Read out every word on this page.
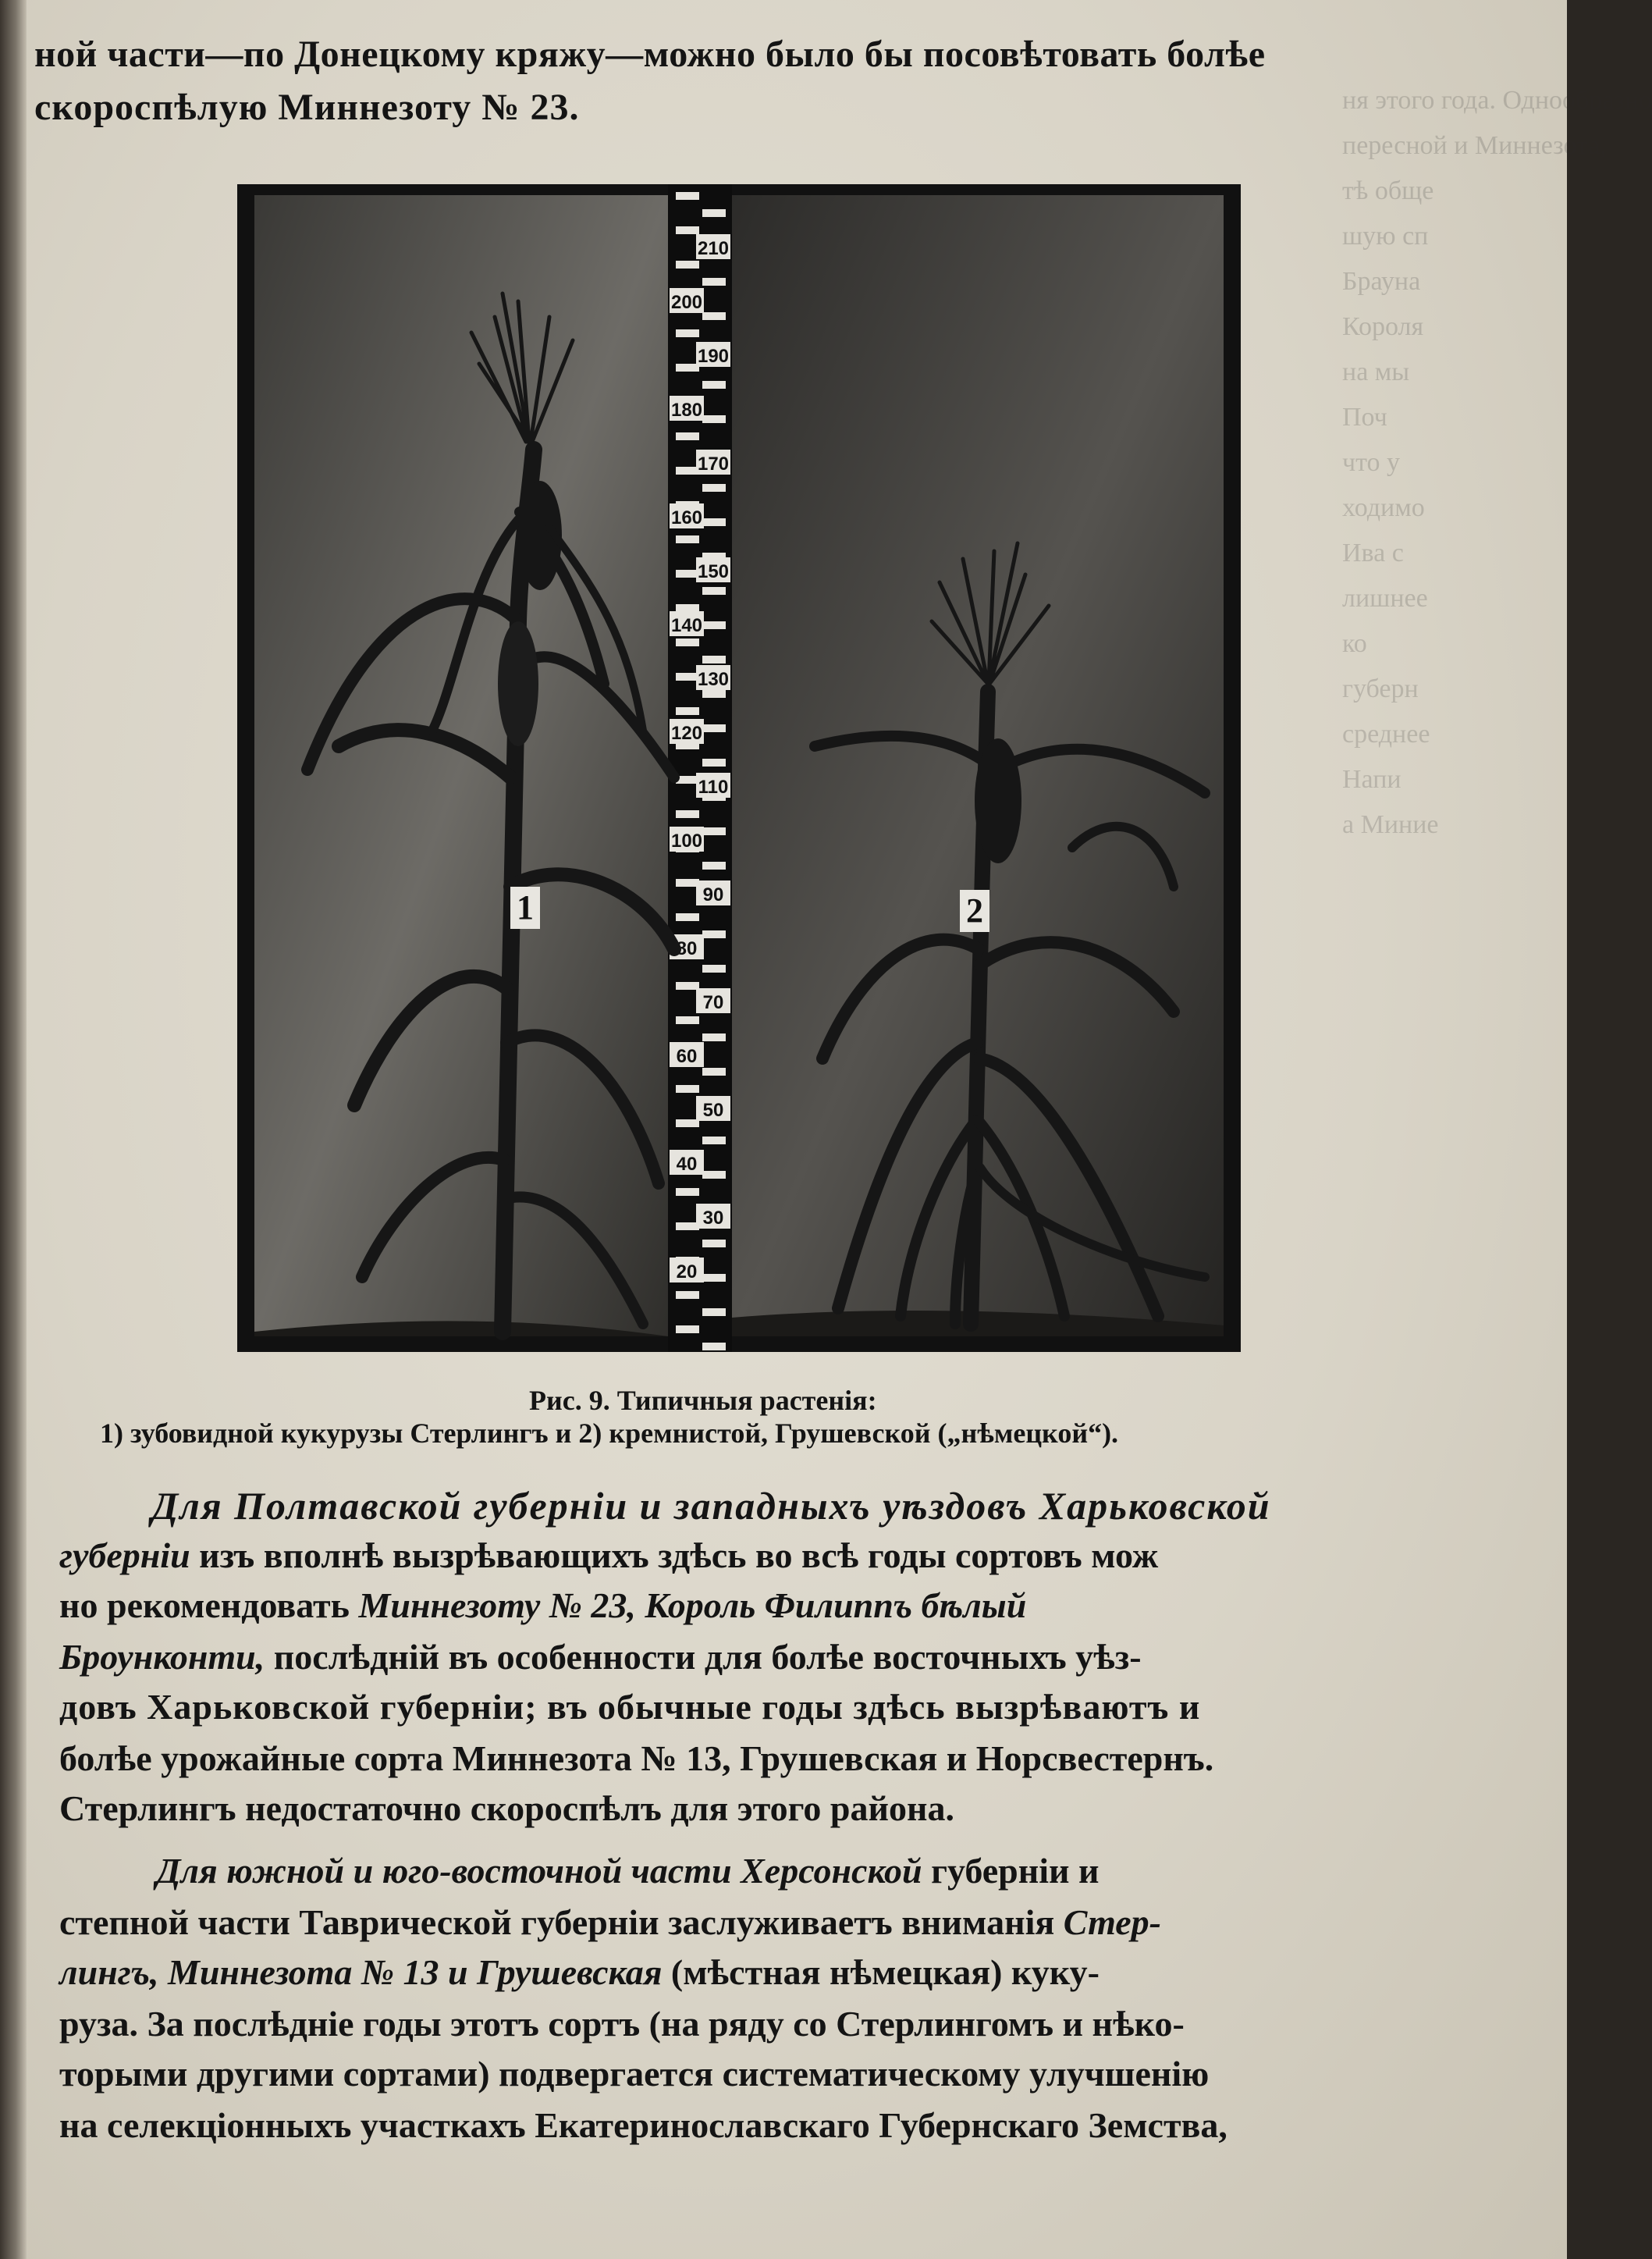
ня этого года. Однообразно
пересной и Миннезота,
тѣ обще
шую сп
Брауна
Короля
на мы
Поч
что у
ходимо
Ива с
лишнее
ко
губерн
среднее
Напи
а Миние
ной части—по Донецкому кряжу—можно было бы посовѣтовать болѣе
скороспѣлую Миннезоту № 23.
210
200
190
180
170
160
150
140
130
120
110
100
90
80
70
60
50
40
30
20
1	2
Рис. 9. Типичныя растенія:
1) зубовидной кукурузы Стерлингъ и 2) кремнистой, Грушевской („нѣмецкой“).
Для Полтавской губерніи и западныхъ уѣздовъ Харьковской
губерніи изъ вполнѣ вызрѣвающихъ здѣсь во всѣ годы сортовъ мож
но рекомендовать Миннезоту № 23, Король Филиппъ бѣлый
Броунконти, послѣдній въ особенности для болѣе восточныхъ уѣз-
довъ Харьковской губерніи; въ обычные годы здѣсь вызрѣваютъ и
болѣе урожайные сорта Миннезота № 13, Грушевская и Норсвестернъ.
Стерлингъ недостаточно скороспѣлъ для этого района.
Для южной и юго-восточной части Херсонской губерніи и
степной части Таврической губерніи заслуживаетъ вниманія Стер-
лингъ, Миннезота № 13 и Грушевская (мѣстная нѣмецкая) куку-
руза. За послѣдніе годы этотъ сортъ (на ряду со Стерлингомъ и нѣко-
торыми другими сортами) подвергается систематическому улучшенію
на селекціонныхъ участкахъ Екатеринославскаго Губернскаго Земства,
